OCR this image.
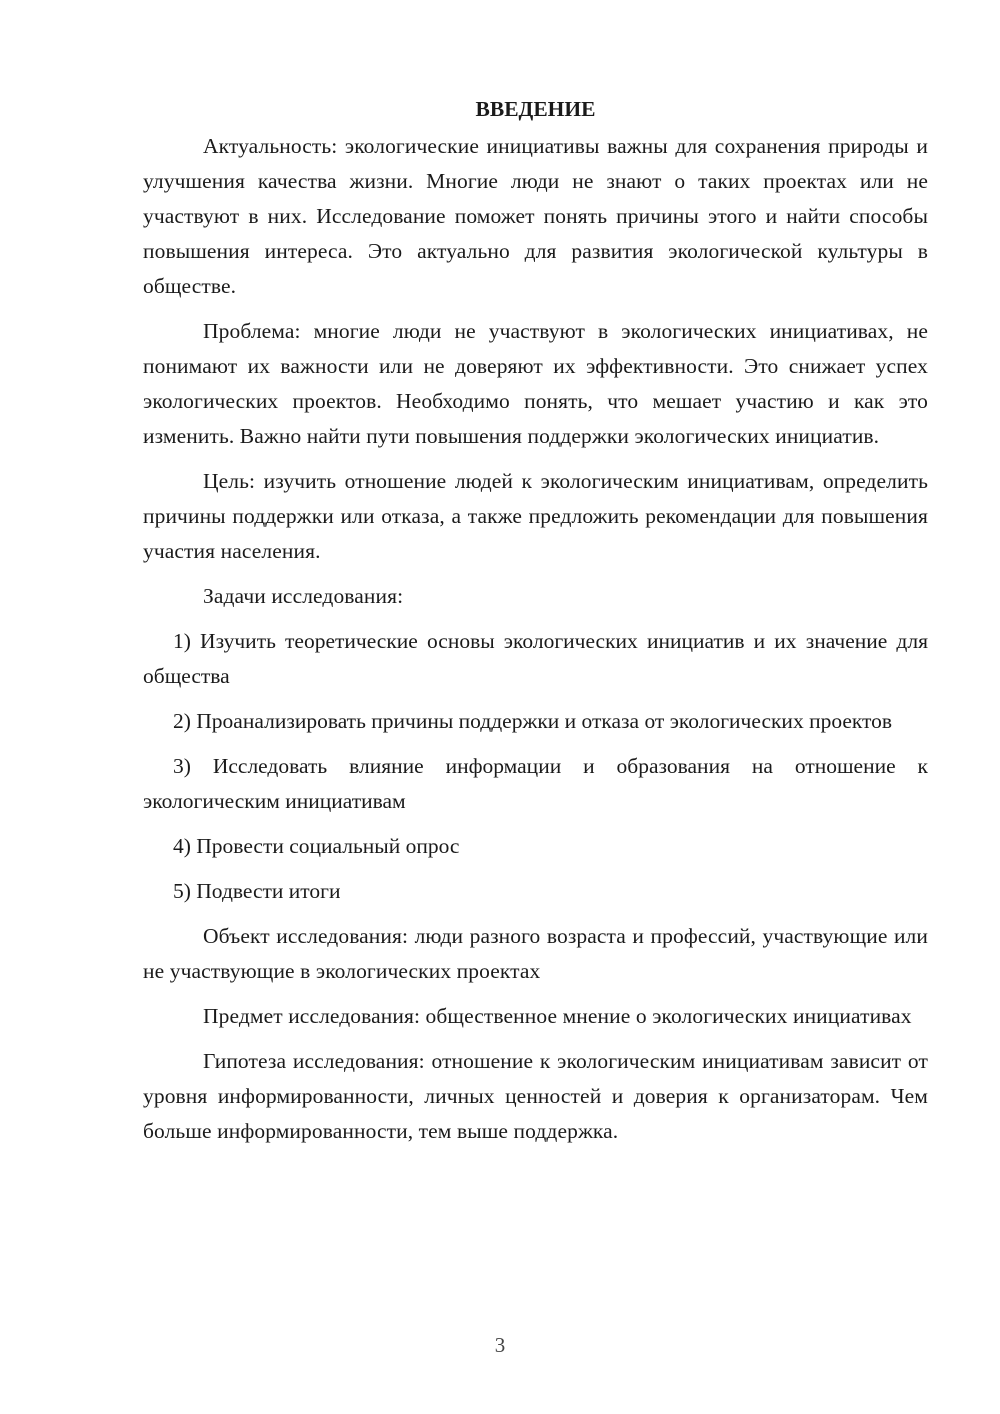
ВВЕДЕНИЕ

Актуальность: экологические инициативы важны для сохранения природы и улучшения качества жизни. Многие люди не знают о таких проектах или не участвуют в них. Исследование поможет понять причины этого и найти способы повышения интереса. Это актуально для развития экологической культуры в обществе.

Проблема: многие люди не участвуют в экологических инициативах, не понимают их важности или не доверяют их эффективности. Это снижает успех экологических проектов. Необходимо понять, что мешает участию и как это изменить. Важно найти пути повышения поддержки экологических инициатив.

Цель: изучить отношение людей к экологическим инициативам, определить причины поддержки или отказа, а также предложить рекомендации для повышения участия населения.

Задачи исследования:

1) Изучить теоретические основы экологических инициатив и их значение для общества

2) Проанализировать причины поддержки и отказа от экологических проектов

3) Исследовать влияние информации и образования на отношение к экологическим инициативам

4) Провести социальный опрос

5) Подвести итоги

Объект исследования: люди разного возраста и профессий, участвующие или не участвующие в экологических проектах

Предмет исследования: общественное мнение о экологических инициативах

Гипотеза исследования: отношение к экологическим инициативам зависит от уровня информированности, личных ценностей и доверия к организаторам. Чем больше информированности, тем выше поддержка.

3
